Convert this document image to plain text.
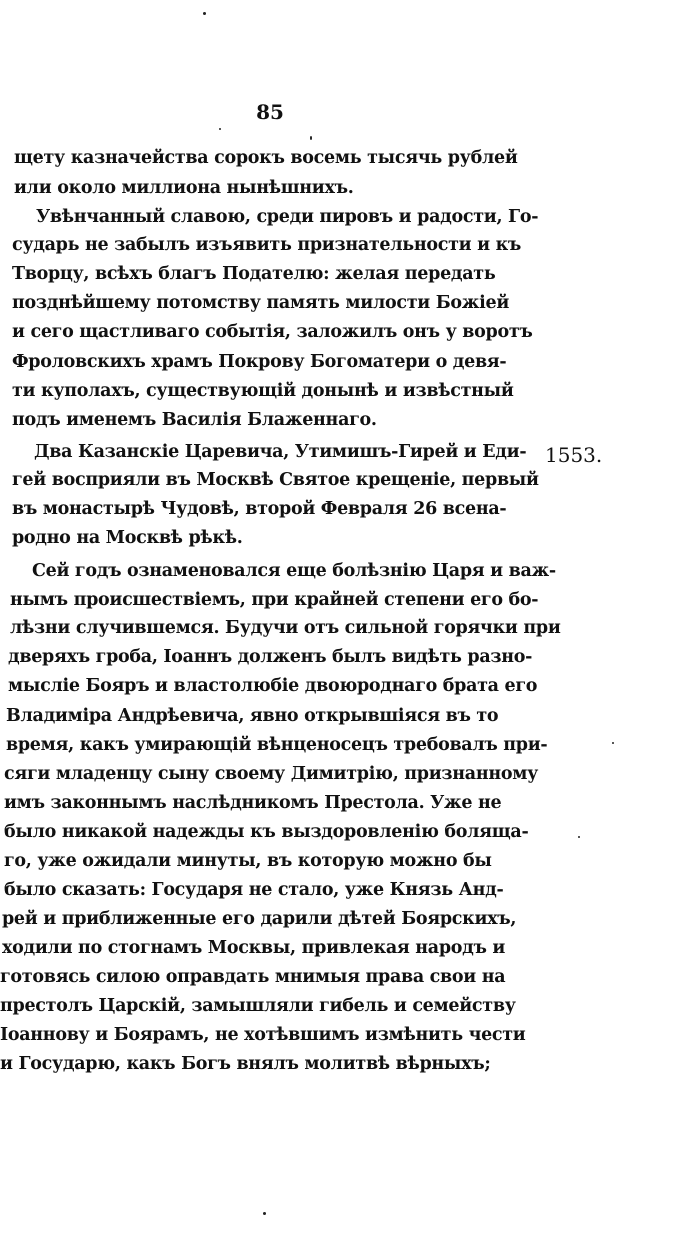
85
щету казначейства сорокъ восемь тысячь рублей
или около миллиона нынѣшнихъ.
Увѣнчанный славою, среди пировъ и радости, Го-
сударь не забылъ изъявить признательности и къ
Творцу, всѣхъ благъ Подателю: желая передать
позднѣйшему потомству память милости Божіей
и сего щастливаго событія, заложилъ онъ у воротъ
Фроловскихъ храмъ Покрову Богоматери о девя-
ти куполахъ, существующій донынѣ и извѣстный
подъ именемъ Василія Блаженнаго.
Два Казанскіе Царевича, Утимишъ-Гирей и Еди-
гей восприяли въ Москвѣ Святое крещеніе, первый
въ монастырѣ Чудовѣ, второй Февраля 26 всена-
родно на Москвѣ рѣкѣ.
Сей годъ ознаменовался еще болѣзнію Царя и важ-
нымъ происшествіемъ, при крайней степени его бо-
лѣзни случившемся. Будучи отъ сильной горячки при
дверяхъ гроба, Іоаннъ долженъ былъ видѣть разно-
мысліе Бояръ и властолюбіе двоюроднаго брата его
Владиміра Андрѣевича, явно открывшіяся въ то
время, какъ умирающій вѣнценосецъ требовалъ при-
сяги младенцу сыну своему Димитрію, признанному
имъ законнымъ наслѣдникомъ Престола. Уже не
было никакой надежды къ выздоровленію боляща-
го, уже ожидали минуты, въ которую можно бы
было сказать: Государя не стало, уже Князь Анд-
рей и приближенные его дарили дѣтей Боярскихъ,
ходили по стогнамъ Москвы, привлекая народъ и
готовясь силою оправдать мнимыя права свои на
престолъ Царскій, замышляли гибель и семейству
Іоаннову и Боярамъ, не хотѣвшимъ измѣнить чести
и Государю, какъ Богъ внялъ молитвѣ вѣрныхъ;
1553.
